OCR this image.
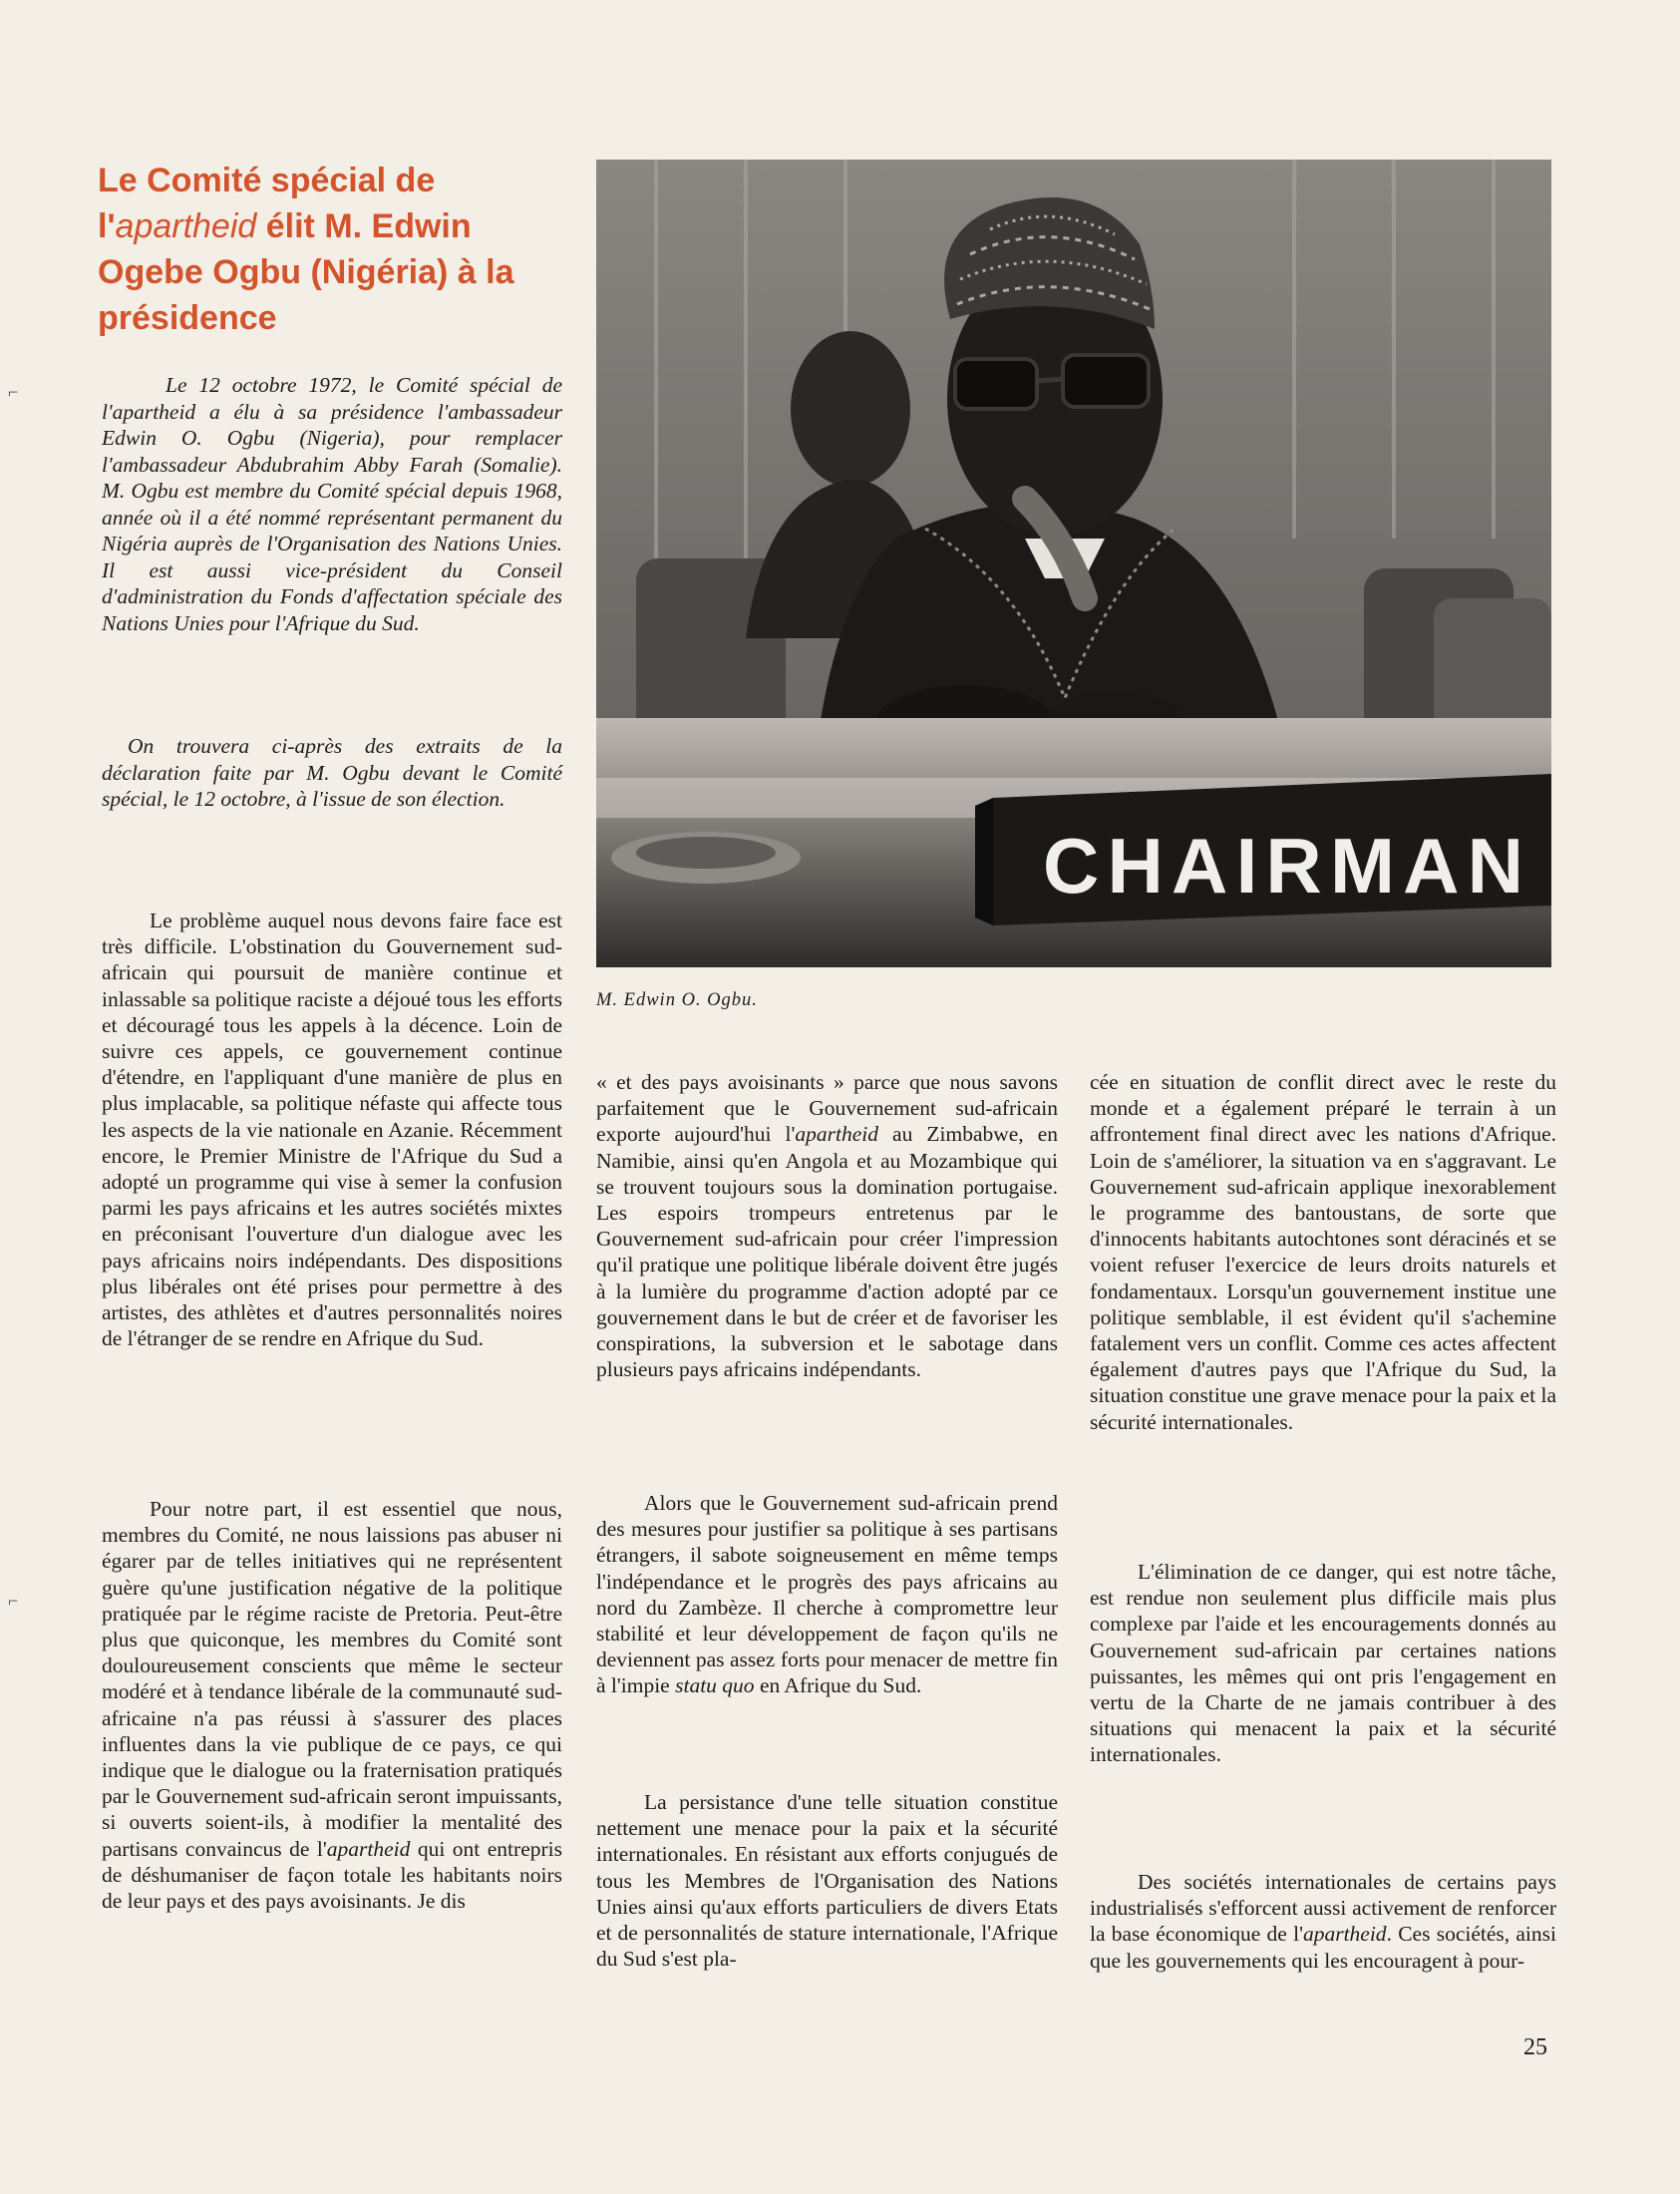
Le Comité spécial de l'apartheid élit M. Edwin Ogebe Ogbu (Nigéria) à la présidence

Le 12 octobre 1972, le Comité spécial de l'apartheid a élu à sa présidence l'ambassadeur Edwin O. Ogbu (Nigeria), pour remplacer l'ambassadeur Abdubrahim Abby Farah (Somalie). M. Ogbu est membre du Comité spécial depuis 1968, année où il a été nommé représentant permanent du Nigéria auprès de l'Organisation des Nations Unies. Il est aussi vice-président du Conseil d'administration du Fonds d'affectation spéciale des Nations Unies pour l'Afrique du Sud.

On trouvera ci-après des extraits de la déclaration faite par M. Ogbu devant le Comité spécial, le 12 octobre, à l'issue de son élection.

CHAIRMAN
M. Edwin O. Ogbu.

Le problème auquel nous devons faire face est très difficile. L'obstination du Gouvernement sud-africain qui poursuit de manière continue et inlassable sa politique raciste a déjoué tous les efforts et découragé tous les appels à la décence. Loin de suivre ces appels, ce gouvernement continue d'étendre, en l'appliquant d'une manière de plus en plus implacable, sa politique néfaste qui affecte tous les aspects de la vie nationale en Azanie. Récemment encore, le Premier Ministre de l'Afrique du Sud a adopté un programme qui vise à semer la confusion parmi les pays africains et les autres sociétés mixtes en préconisant l'ouverture d'un dialogue avec les pays africains noirs indépendants. Des dispositions plus libérales ont été prises pour permettre à des artistes, des athlètes et d'autres personnalités noires de l'étranger de se rendre en Afrique du Sud.

Pour notre part, il est essentiel que nous, membres du Comité, ne nous laissions pas abuser ni égarer par de telles initiatives qui ne représentent guère qu'une justification négative de la politique pratiquée par le régime raciste de Pretoria. Peut-être plus que quiconque, les membres du Comité sont douloureusement conscients que même le secteur modéré et à tendance libérale de la communauté sud-africaine n'a pas réussi à s'assurer des places influentes dans la vie publique de ce pays, ce qui indique que le dialogue ou la fraternisation pratiqués par le Gouvernement sud-africain seront impuissants, si ouverts soient-ils, à modifier la mentalité des partisans convaincus de l'apartheid qui ont entrepris de déshumaniser de façon totale les habitants noirs de leur pays et des pays avoisinants. Je dis

« et des pays avoisinants » parce que nous savons parfaitement que le Gouvernement sud-africain exporte aujourd'hui l'apartheid au Zimbabwe, en Namibie, ainsi qu'en Angola et au Mozambique qui se trouvent toujours sous la domination portugaise. Les espoirs trompeurs entretenus par le Gouvernement sud-africain pour créer l'impression qu'il pratique une politique libérale doivent être jugés à la lumière du programme d'action adopté par ce gouvernement dans le but de créer et de favoriser les conspirations, la subversion et le sabotage dans plusieurs pays africains indépendants.

Alors que le Gouvernement sud-africain prend des mesures pour justifier sa politique à ses partisans étrangers, il sabote soigneusement en même temps l'indépendance et le progrès des pays africains au nord du Zambèze. Il cherche à compromettre leur stabilité et leur développement de façon qu'ils ne deviennent pas assez forts pour menacer de mettre fin à l'impie statu quo en Afrique du Sud.

La persistance d'une telle situation constitue nettement une menace pour la paix et la sécurité internationales. En résistant aux efforts conjugués de tous les Membres de l'Organisation des Nations Unies ainsi qu'aux efforts particuliers de divers Etats et de personnalités de stature internationale, l'Afrique du Sud s'est pla-

cée en situation de conflit direct avec le reste du monde et a également préparé le terrain à un affrontement final direct avec les nations d'Afrique. Loin de s'améliorer, la situation va en s'aggravant. Le Gouvernement sud-africain applique inexorablement le programme des bantoustans, de sorte que d'innocents habitants autochtones sont déracinés et se voient refuser l'exercice de leurs droits naturels et fondamentaux. Lorsqu'un gouvernement institue une politique semblable, il est évident qu'il s'achemine fatalement vers un conflit. Comme ces actes affectent également d'autres pays que l'Afrique du Sud, la situation constitue une grave menace pour la paix et la sécurité internationales.

L'élimination de ce danger, qui est notre tâche, est rendue non seulement plus difficile mais plus complexe par l'aide et les encouragements donnés au Gouvernement sud-africain par certaines nations puissantes, les mêmes qui ont pris l'engagement en vertu de la Charte de ne jamais contribuer à des situations qui menacent la paix et la sécurité internationales.

Des sociétés internationales de certains pays industrialisés s'efforcent aussi activement de renforcer la base économique de l'apartheid. Ces sociétés, ainsi que les gouvernements qui les encouragent à pour-

25
⌐
⌐
